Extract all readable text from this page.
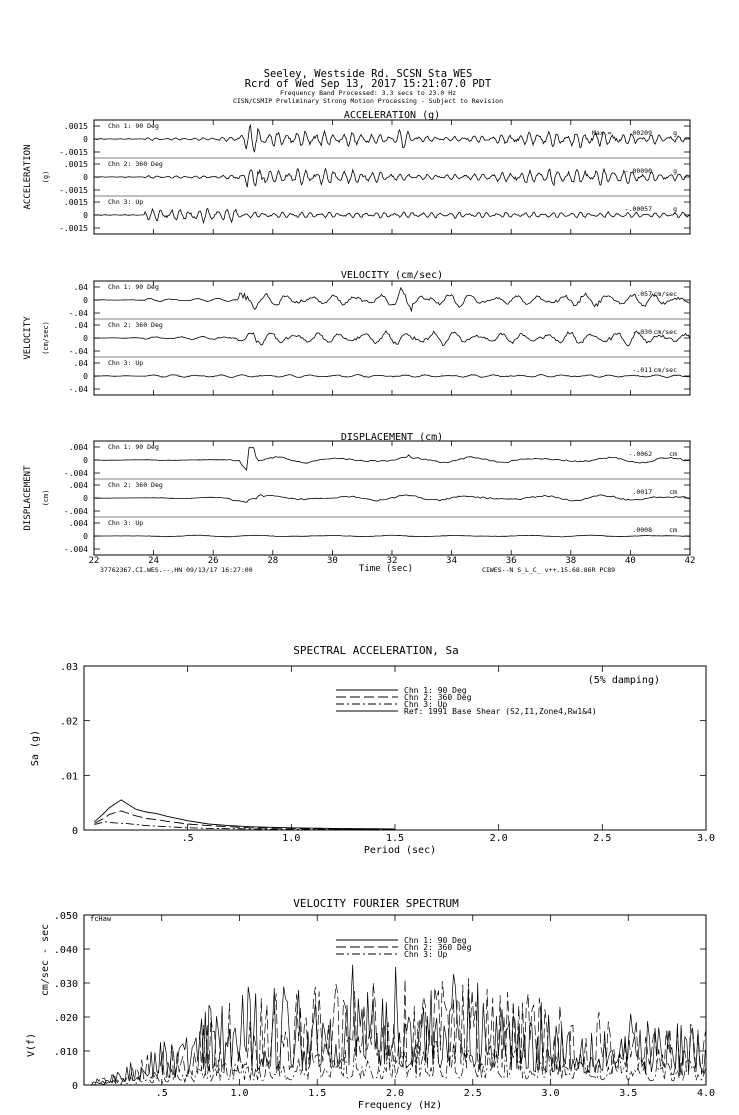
Seeley, Westside Rd. SCSN Sta WES
Rcrd of Wed Sep 13, 2017 15:21:07.0 PDT
Frequency Band Processed: 3.3 secs to 23.0 Hz
CISN/CSMIP Preliminary Strong Motion Processing - Subject to Revision
ACCELERATION (g)
ACCELERATION (g)
.0015
0
-.0015
Chn 1: 90 Deg
Max =	.00209	g
.0015
0
-.0015
Chn 2: 360 Deg
-.00090	g
.0015
0
-.0015
Chn 3: Up
-.00057	g
VELOCITY (cm/sec)
VELOCITY (cm/sec)
.04
0
-.04
Chn 1: 90 Deg
-.057 cm/sec
.04
0
-.04
Chn 2: 360 Deg
-.030 cm/sec
.04
0
-.04
Chn 3: Up
-.011 cm/sec
DISPLACEMENT (cm)
DISPLACEMENT (cm)
.004
0
-.004
Chn 1: 90 Deg
-.0062	cm
.004
0
-.004
Chn 2: 360 Deg
.0017	cm
.004
0
-.004
Chn 3: Up
.0008	cm
22	24	26	28	30	32	34	36	38	40	42
Time (sec)
37762367.CI.WES.--.HN 09/13/17 16:27:00	CIWES--N S_L_C_ v++.15.68.86R PC89
SPECTRAL ACCELERATION, Sa
.5	1.0	1.5	2.0	2.5	3.0
0
.01
.02
.03
Period (sec)
Sa (g)
(5% damping)
Chn 1: 90 Deg
Chn 2: 360 Deg
Chn 3: Up
Ref: 1991 Base Shear (S2,I1,Zone4,Rw1&4)
VELOCITY FOURIER SPECTRUM
fcHaw
.5	1.0	1.5	2.0	2.5	3.0	3.5	4.0
0
.010
.020
.030
.040
.050
Frequency (Hz)
V(f)
cm/sec - sec	Chn 1: 90 Deg
Chn 2: 360 Deg
Chn 3: Up
